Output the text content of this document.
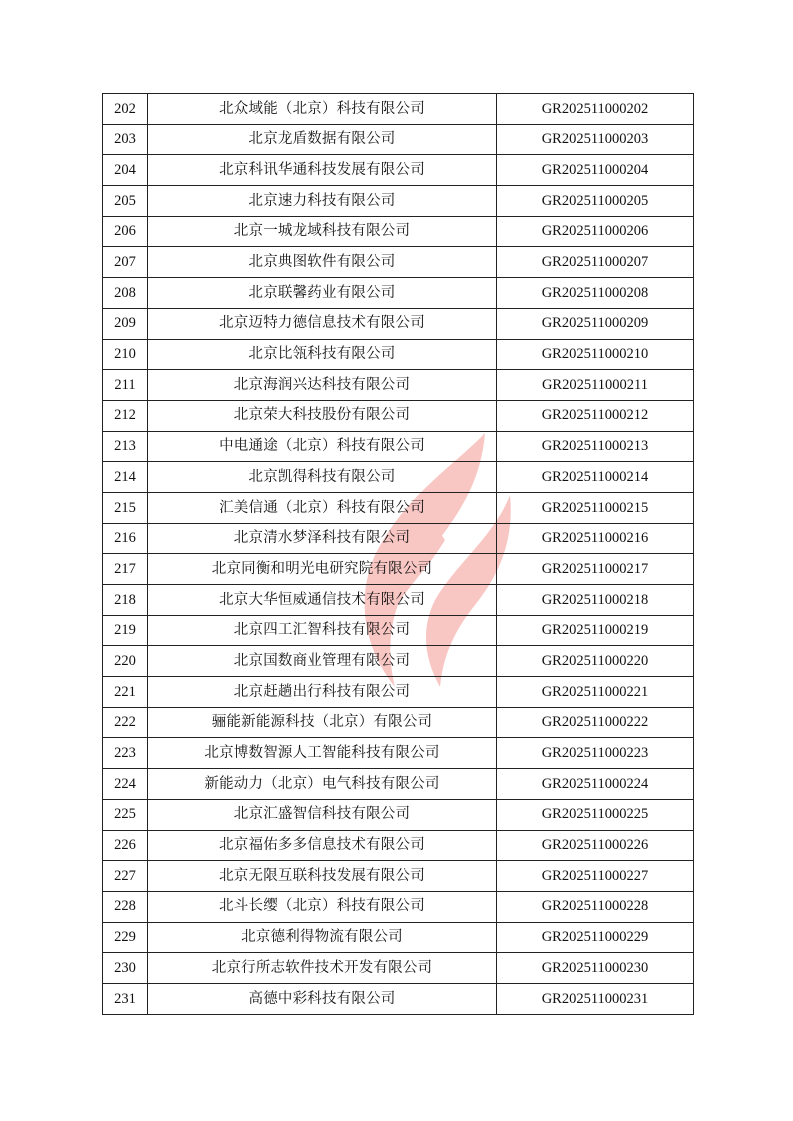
202	北众域能（北京）科技有限公司	GR202511000202
203	北京龙盾数据有限公司	GR202511000203
204	北京科讯华通科技发展有限公司	GR202511000204
205	北京速力科技有限公司	GR202511000205
206	北京一城龙域科技有限公司	GR202511000206
207	北京典图软件有限公司	GR202511000207
208	北京联馨药业有限公司	GR202511000208
209	北京迈特力德信息技术有限公司	GR202511000209
210	北京比瓴科技有限公司	GR202511000210
211	北京海润兴达科技有限公司	GR202511000211
212	北京荣大科技股份有限公司	GR202511000212
213	中电通途（北京）科技有限公司	GR202511000213
214	北京凯得科技有限公司	GR202511000214
215	汇美信通（北京）科技有限公司	GR202511000215
216	北京清水梦泽科技有限公司	GR202511000216
217	北京同衡和明光电研究院有限公司	GR202511000217
218	北京大华恒威通信技术有限公司	GR202511000218
219	北京四工汇智科技有限公司	GR202511000219
220	北京国数商业管理有限公司	GR202511000220
221	北京赶趟出行科技有限公司	GR202511000221
222	骊能新能源科技（北京）有限公司	GR202511000222
223	北京博数智源人工智能科技有限公司	GR202511000223
224	新能动力（北京）电气科技有限公司	GR202511000224
225	北京汇盛智信科技有限公司	GR202511000225
226	北京福佑多多信息技术有限公司	GR202511000226
227	北京无限互联科技发展有限公司	GR202511000227
228	北斗长缨（北京）科技有限公司	GR202511000228
229	北京德利得物流有限公司	GR202511000229
230	北京行所志软件技术开发有限公司	GR202511000230
231	高德中彩科技有限公司	GR202511000231
